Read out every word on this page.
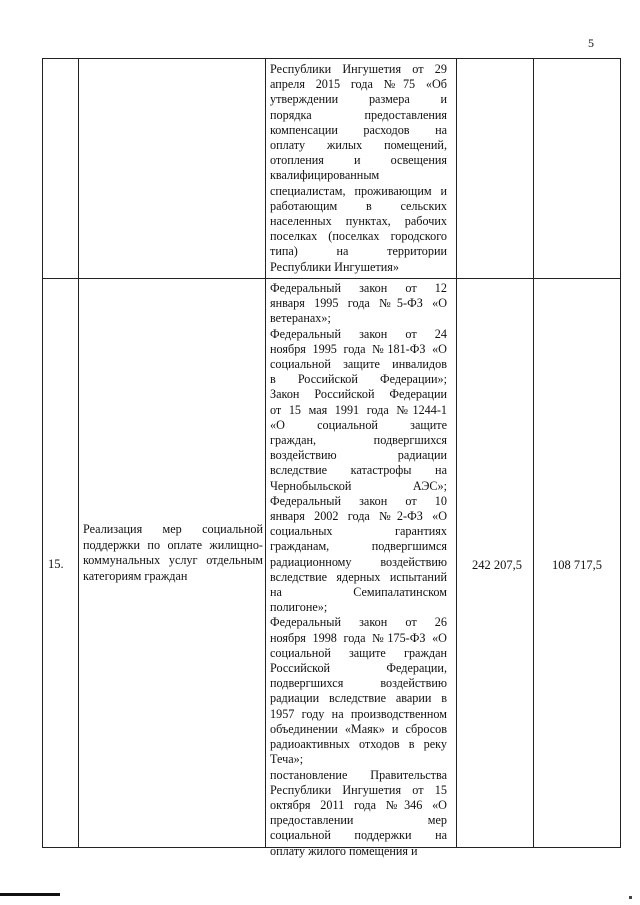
5
Республики Ингушетия от 29
апреля 2015 года №75 «Об
утверждении размера и
порядка предоставления
компенсации расходов на
оплату жилых помещений,
отопления и освещения
квалифицированным
специалистам, проживающим и
работающим в сельских
населенных пунктах, рабочих
поселках (поселках городского
типа) на территории
Республики Ингушетия»
15.
Реализация мер социальной
поддержки по оплате жилищно-
коммунальных услуг отдельным
категориям граждан
Федеральный закон от 12
января 1995 года №5-ФЗ «О
ветеранах»;
Федеральный закон от 24
ноября 1995 года №181-ФЗ «О
социальной защите инвалидов
в Российской Федерации»;
Закон Российской Федерации
от 15 мая 1991 года №1244-1
«О социальной защите
граждан, подвергшихся
воздействию радиации
вследствие катастрофы на
Чернобыльской АЭС»;
Федеральный закон от 10
января 2002 года №2-ФЗ «О
социальных гарантиях
гражданам, подвергшимся
радиационному воздействию
вследствие ядерных испытаний
на Семипалатинском
полигоне»;
Федеральный закон от 26
ноября 1998 года №175-ФЗ «О
социальной защите граждан
Российской Федерации,
подвергшихся воздействию
радиации вследствие аварии в
1957 году на производственном
объединении «Маяк» и сбросов
радиоактивных отходов в реку
Теча»;
постановление Правительства
Республики Ингушетия от 15
октября 2011 года №346 «О
предоставлении мер
социальной поддержки на
оплату жилого помещения и
242 207,5	108 717,5
